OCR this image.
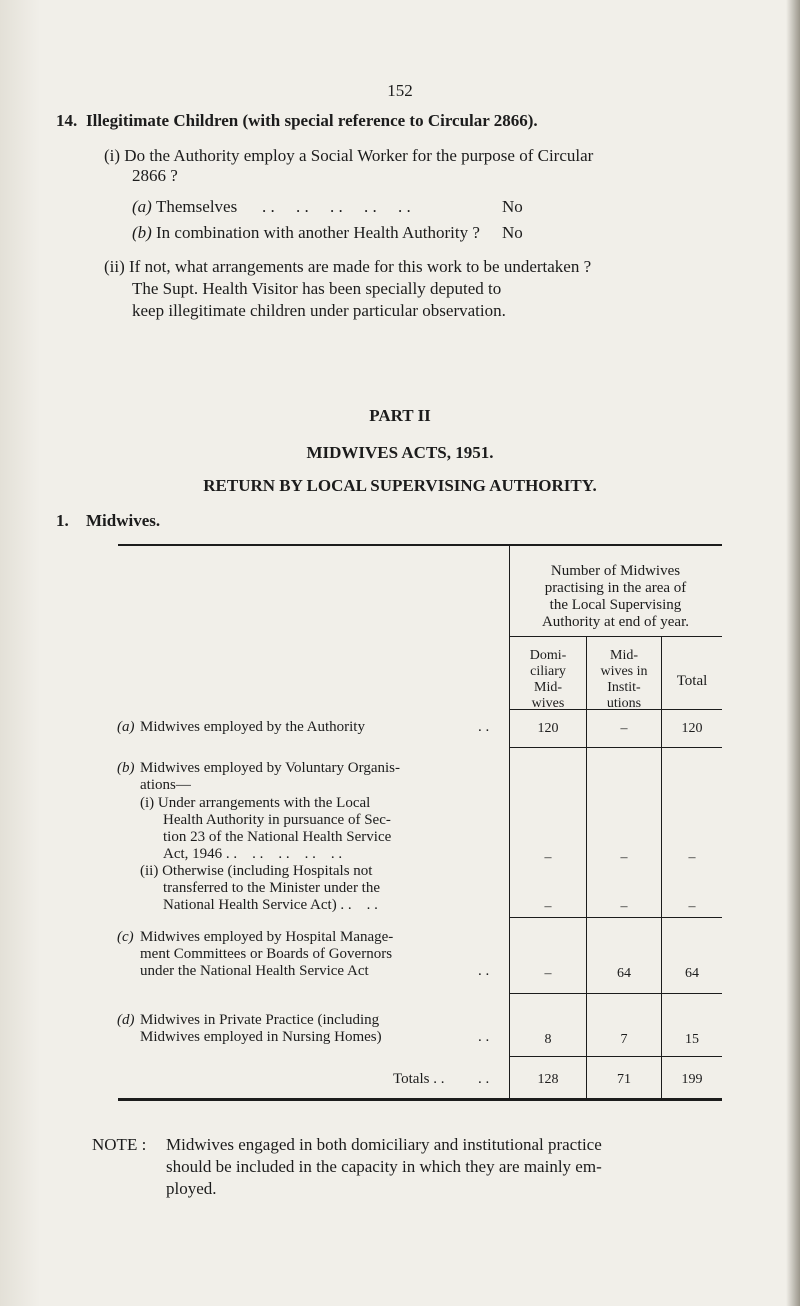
152
14. Illegitimate Children (with special reference to Circular 2866).
(i) Do the Authority employ a Social Worker for the purpose of Circular
2866 ?
(a) Themselves . .     . .     . .     . .     . .	No
(b) In combination with another Health Authority ? No
(ii) If not, what arrangements are made for this work to be undertaken ?
The Supt. Health Visitor has been specially deputed to
keep illegitimate children under particular observation.
PART II
MIDWIVES ACTS, 1951.
RETURN BY LOCAL SUPERVISING AUTHORITY.
1. Midwives.
Number of Midwives
practising in the area of
the Local Supervising
Authority at end of year.
Domi-
ciliary
Mid-
wives
Mid-
wives in
Instit-
utions
Total
(a) Midwives employed by the Authority	. .	120	–	120
(b) Midwives employed by Voluntary Organis-
ations—
(i) Under arrangements with the Local
Health Authority in pursuance of Sec-
tion 23 of the National Health Service
Act, 1946 . .    . .    . .    . .    . .
(ii) Otherwise (including Hospitals not
transferred to the Minister under the
National Health Service Act) . .    . .
–	–	–
–	–	–
(c) Midwives employed by Hospital Manage-
ment Committees or Boards of Governors
under the National Health Service Act	. .	–	64	64
(d) Midwives in Private Practice (including
Midwives employed in Nursing Homes)	. .	8	7	15
Totals . . . .	128	71	199
NOTE : Midwives engaged in both domiciliary and institutional practice
should be included in the capacity in which they are mainly em-
ployed.
